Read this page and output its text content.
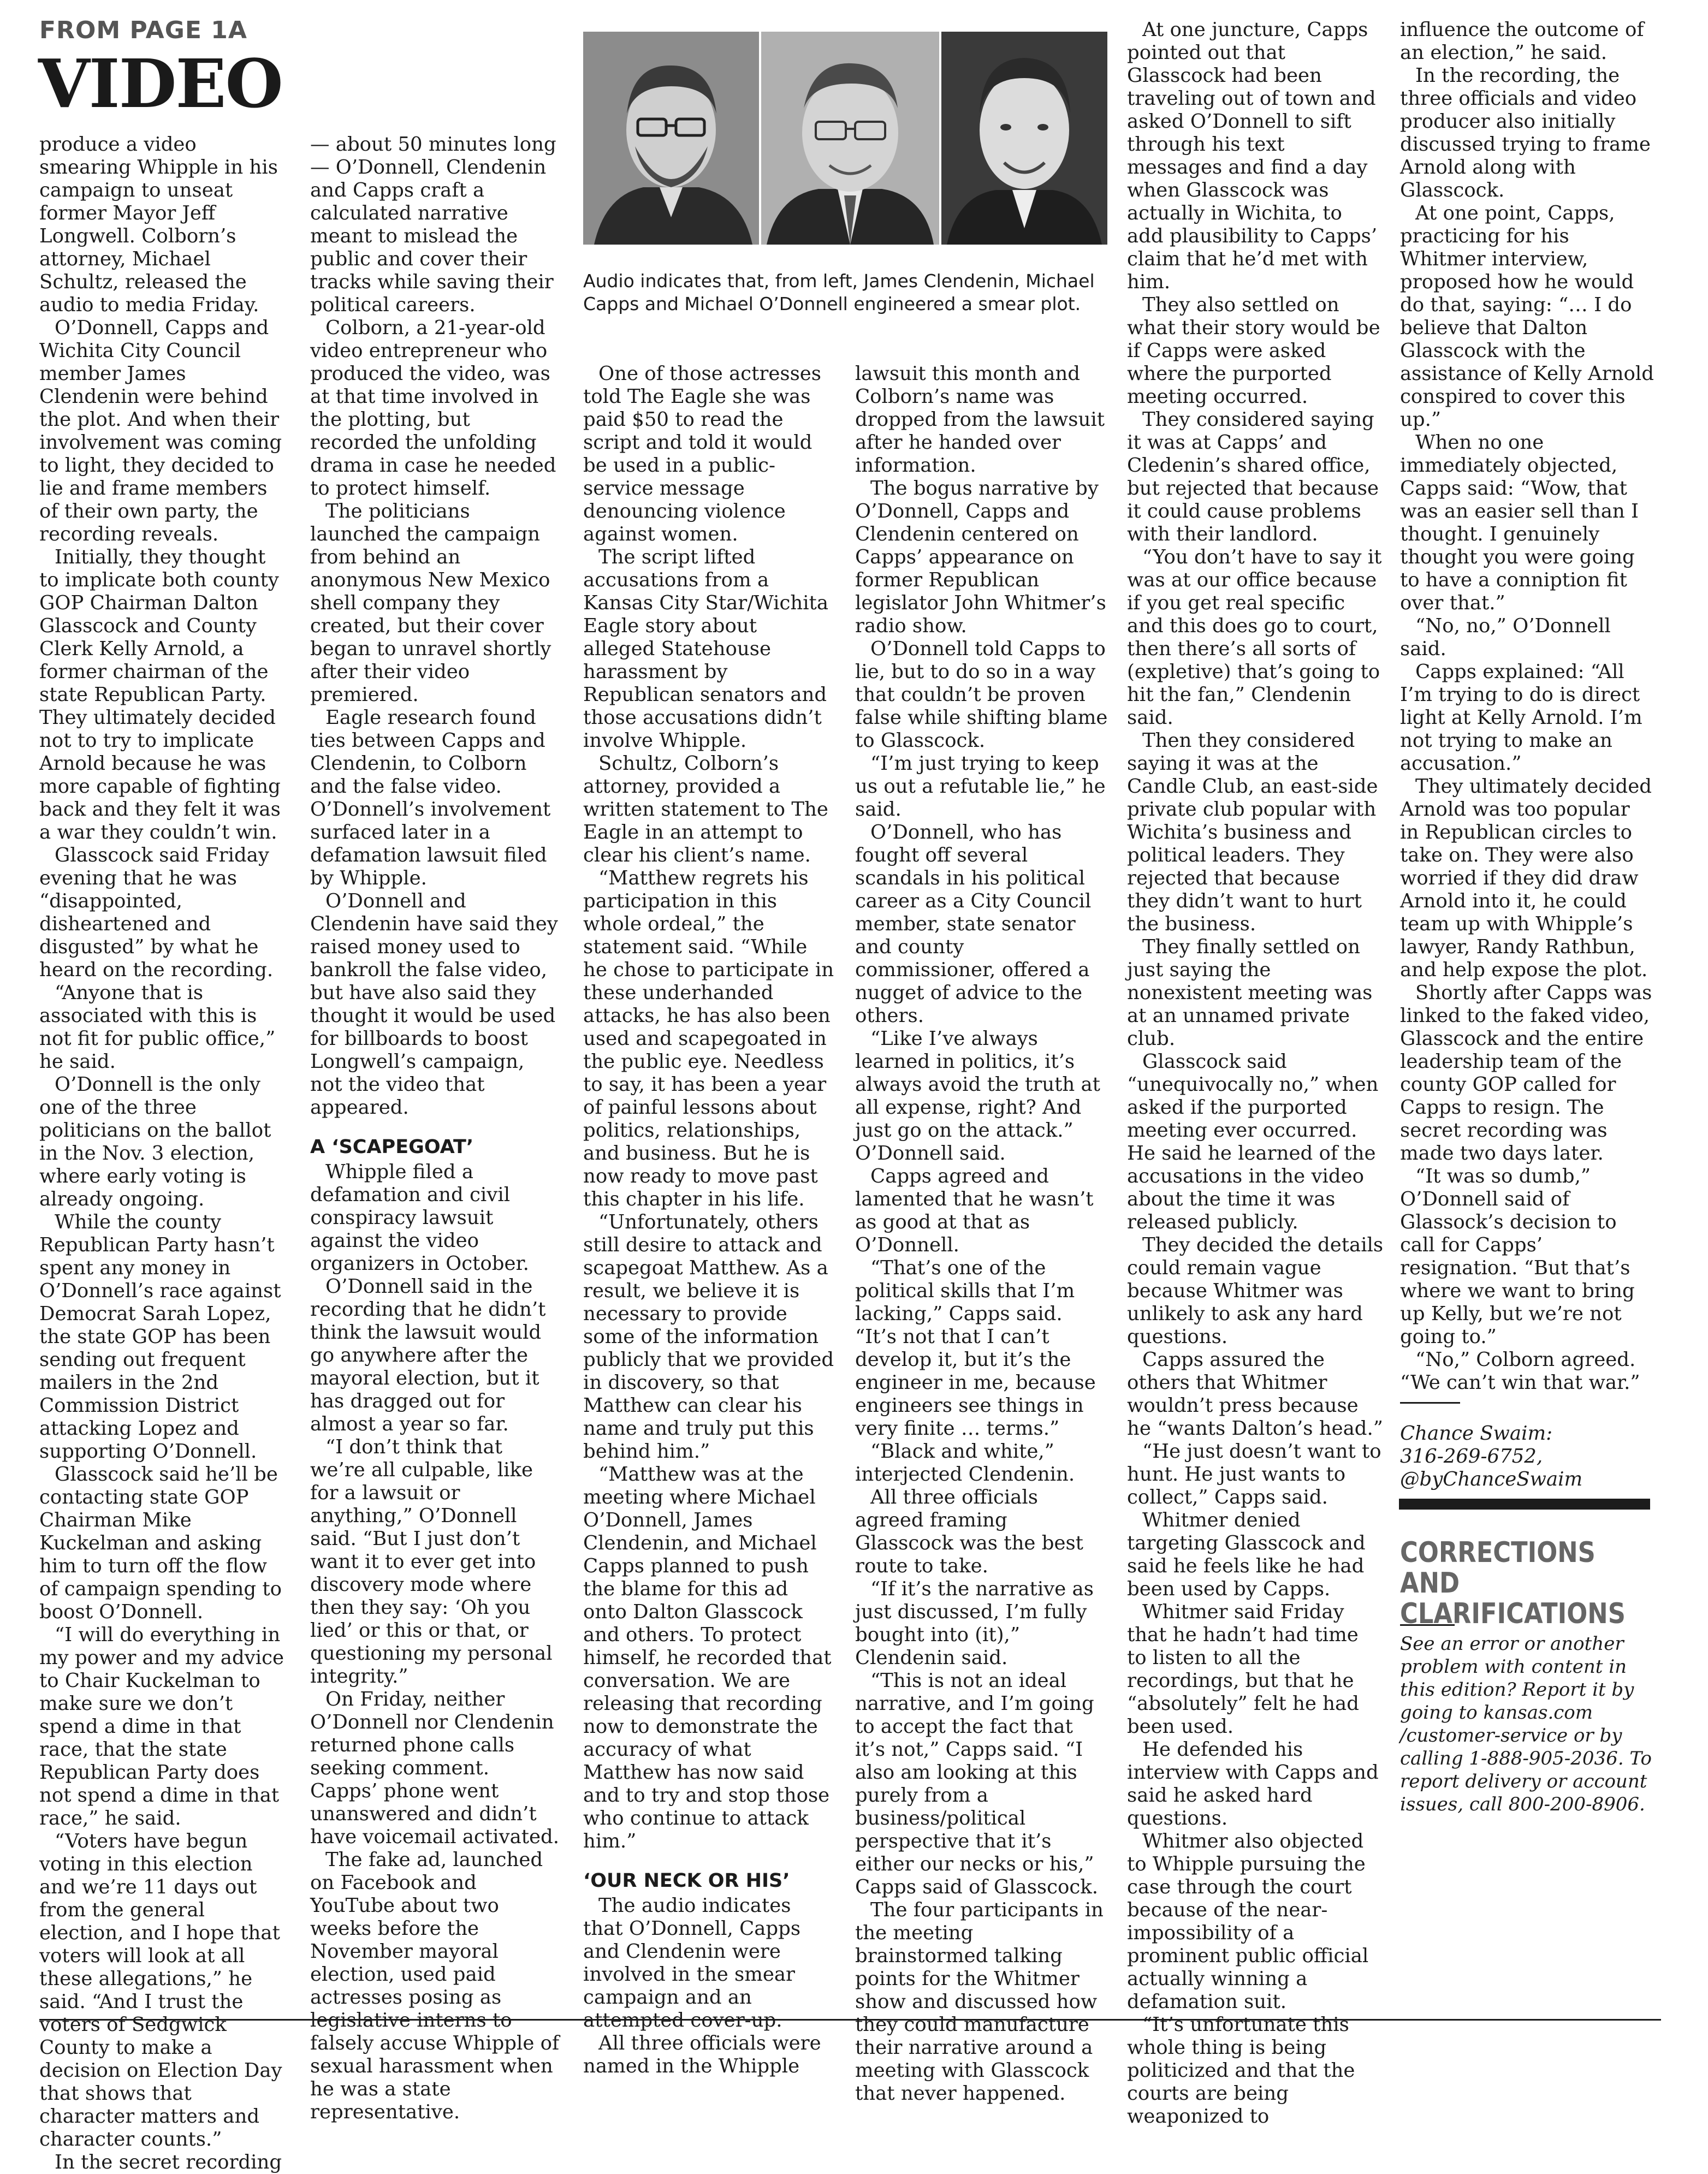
FROM PAGE 1A
VIDEO
Audio indicates that, from left, James Clendenin, Michael Capps and Michael O’Donnell engineered a smear plot.

produce a video smearing Whipple in his campaign to unseat former Mayor Jeff Longwell. Colborn’s attorney, Michael Schultz, released the audio to media Friday.

O’Donnell, Capps and Wichita City Council member James Clendenin were behind the plot. And when their involvement was coming to light, they decided to lie and frame members of their own party, the recording reveals.

Initially, they thought to implicate both county GOP Chairman Dalton Glasscock and County Clerk Kelly Arnold, a former chairman of the state Republican Party. They ultimately decided not to try to implicate Arnold because he was more capable of fighting back and they felt it was a war they couldn’t win.

Glasscock said Friday evening that he was “disappointed, disheartened and disgusted” by what he heard on the recording.

“Anyone that is associated with this is not fit for public office,” he said.

O’Donnell is the only one of the three politicians on the ballot in the Nov. 3 election, where early voting is already ongoing.

While the county Republican Party hasn’t spent any money in O’Donnell’s race against Democrat Sarah Lopez, the state GOP has been sending out frequent mailers in the 2nd Commission District attacking Lopez and supporting O’Donnell.

Glasscock said he’ll be contacting state GOP Chairman Mike Kuckelman and asking him to turn off the flow of campaign spending to boost O’Donnell.

“I will do everything in my power and my advice to Chair Kuckelman to make sure we don’t spend a dime in that race, that the state Republican Party does not spend a dime in that race,” he said.

“Voters have begun voting in this election and we’re 11 days out from the general election, and I hope that voters will look at all these allegations,” he said. “And I trust the voters of Sedgwick County to make a decision on Election Day that shows that character matters and character counts.”

In the secret recording

— about 50 minutes long — O’Donnell, Clendenin and Capps craft a calculated narrative meant to mislead the public and cover their tracks while saving their political careers.

Colborn, a 21-year-old video entrepreneur who produced the video, was at that time involved in the plotting, but recorded the unfolding drama in case he needed to protect himself.

The politicians launched the campaign from behind an anonymous New Mexico shell company they created, but their cover began to unravel shortly after their video premiered.

Eagle research found ties between Capps and Clendenin, to Colborn and the false video. O’Donnell’s involvement surfaced later in a defamation lawsuit filed by Whipple.

O’Donnell and Clendenin have said they raised money used to bankroll the false video, but have also said they thought it would be used for billboards to boost Longwell’s campaign, not the video that appeared.

A ‘SCAPEGOAT’

Whipple filed a defamation and civil conspiracy lawsuit against the video organizers in October.

O’Donnell said in the recording that he didn’t think the lawsuit would go anywhere after the mayoral election, but it has dragged out for almost a year so far.

“I don’t think that we’re all culpable, like for a lawsuit or anything,” O’Donnell said. “But I just don’t want it to ever get into discovery mode where then they say: ‘Oh you lied’ or this or that, or questioning my personal integrity.”

On Friday, neither O’Donnell nor Clendenin returned phone calls seeking comment. Capps’ phone went unanswered and didn’t have voicemail activated.

The fake ad, launched on Facebook and YouTube about two weeks before the November mayoral election, used paid actresses posing as legislative interns to falsely accuse Whipple of sexual harassment when he was a state representative.

One of those actresses told The Eagle she was paid $50 to read the script and told it would be used in a public-service message denouncing violence against women.

The script lifted accusations from a Kansas City Star/Wichita Eagle story about alleged Statehouse harassment by Republican senators and those accusations didn’t involve Whipple.

Schultz, Colborn’s attorney, provided a written statement to The Eagle in an attempt to clear his client’s name.

“Matthew regrets his participation in this whole ordeal,” the statement said. “While he chose to participate in these underhanded attacks, he has also been used and scapegoated in the public eye. Needless to say, it has been a year of painful lessons about politics, relationships, and business. But he is now ready to move past this chapter in his life.

“Unfortunately, others still desire to attack and scapegoat Matthew. As a result, we believe it is necessary to provide some of the information publicly that we provided in discovery, so that Matthew can clear his name and truly put this behind him.”

“Matthew was at the meeting where Michael O’Donnell, James Clendenin, and Michael Capps planned to push the blame for this ad onto Dalton Glasscock and others. To protect himself, he recorded that conversation. We are releasing that recording now to demonstrate the accuracy of what Matthew has now said and to try and stop those who continue to attack him.”

‘OUR NECK OR HIS’

The audio indicates that O’Donnell, Capps and Clendenin were involved in the smear campaign and an attempted cover-up.

All three officials were named in the Whipple

lawsuit this month and Colborn’s name was dropped from the lawsuit after he handed over information.

The bogus narrative by O’Donnell, Capps and Clendenin centered on Capps’ appearance on former Republican legislator John Whitmer’s radio show.

O’Donnell told Capps to lie, but to do so in a way that couldn’t be proven false while shifting blame to Glasscock.

“I’m just trying to keep us out a refutable lie,” he said.

O’Donnell, who has fought off several scandals in his political career as a City Council member, state senator and county commissioner, offered a nugget of advice to the others.

“Like I’ve always learned in politics, it’s always avoid the truth at all expense, right? And just go on the attack.” O’Donnell said.

Capps agreed and lamented that he wasn’t as good at that as O’Donnell.

“That’s one of the political skills that I’m lacking,” Capps said. “It’s not that I can’t develop it, but it’s the engineer in me, because engineers see things in very finite … terms.”

“Black and white,” interjected Clendenin.

All three officials agreed framing Glasscock was the best route to take.

“If it’s the narrative as just discussed, I’m fully bought into (it),” Clendenin said.

“This is not an ideal narrative, and I’m going to accept the fact that it’s not,” Capps said. “I also am looking at this purely from a business/political perspective that it’s either our necks or his,” Capps said of Glasscock.

The four participants in the meeting brainstormed talking points for the Whitmer show and discussed how they could manufacture their narrative around a meeting with Glasscock that never happened.

At one juncture, Capps pointed out that Glasscock had been traveling out of town and asked O’Donnell to sift through his text messages and find a day when Glasscock was actually in Wichita, to add plausibility to Capps’ claim that he’d met with him.

They also settled on what their story would be if Capps were asked where the purported meeting occurred.

They considered saying it was at Capps’ and Cledenin’s shared office, but rejected that because it could cause problems with their landlord.

“You don’t have to say it was at our office because if you get real specific and this does go to court, then there’s all sorts of (expletive) that’s going to hit the fan,” Clendenin said.

Then they considered saying it was at the Candle Club, an east-side private club popular with Wichita’s business and political leaders. They rejected that because they didn’t want to hurt the business.

They finally settled on just saying the nonexistent meeting was at an unnamed private club.

Glasscock said “unequivocally no,” when asked if the purported meeting ever occurred. He said he learned of the accusations in the video about the time it was released publicly.

They decided the details could remain vague because Whitmer was unlikely to ask any hard questions.

Capps assured the others that Whitmer wouldn’t press because he “wants Dalton’s head.”

“He just doesn’t want to hunt. He just wants to collect,” Capps said.

Whitmer denied targeting Glasscock and said he feels like he had been used by Capps.

Whitmer said Friday that he hadn’t had time to listen to all the recordings, but that he “absolutely” felt he had been used.

He defended his interview with Capps and said he asked hard questions.

Whitmer also objected to Whipple pursuing the case through the court because of the near-impossibility of a prominent public official actually winning a defamation suit.

“It’s unfortunate this whole thing is being politicized and that the courts are being weaponized to

influence the outcome of an election,” he said.

In the recording, the three officials and video producer also initially discussed trying to frame Arnold along with Glasscock.

At one point, Capps, practicing for his Whitmer interview, proposed how he would do that, saying: “… I do believe that Dalton Glasscock with the assistance of Kelly Arnold conspired to cover this up.”

When no one immediately objected, Capps said: “Wow, that was an easier sell than I thought. I genuinely thought you were going to have a conniption fit over that.”

“No, no,” O’Donnell said.

Capps explained: “All I’m trying to do is direct light at Kelly Arnold. I’m not trying to make an accusation.”

They ultimately decided Arnold was too popular in Republican circles to take on. They were also worried if they did draw Arnold into it, he could team up with Whipple’s lawyer, Randy Rathbun, and help expose the plot.

Shortly after Capps was linked to the faked video, Glasscock and the entire leadership team of the county GOP called for Capps to resign. The secret recording was made two days later.

“It was so dumb,” O’Donnell said of Glassock’s decision to call for Capps’ resignation. “But that’s where we want to bring up Kelly, but we’re not going to.”

“No,” Colborn agreed. “We can’t win that war.”

Chance Swaim:

316-269-6752,

@byChanceSwaim

CORRECTIONS AND CLARIFICATIONS
See an error or another problem with content in this edition? Report it by going to kansas.com /customer-service or by calling 1-888-905-2036. To report delivery or account issues, call 800-200-8906.
